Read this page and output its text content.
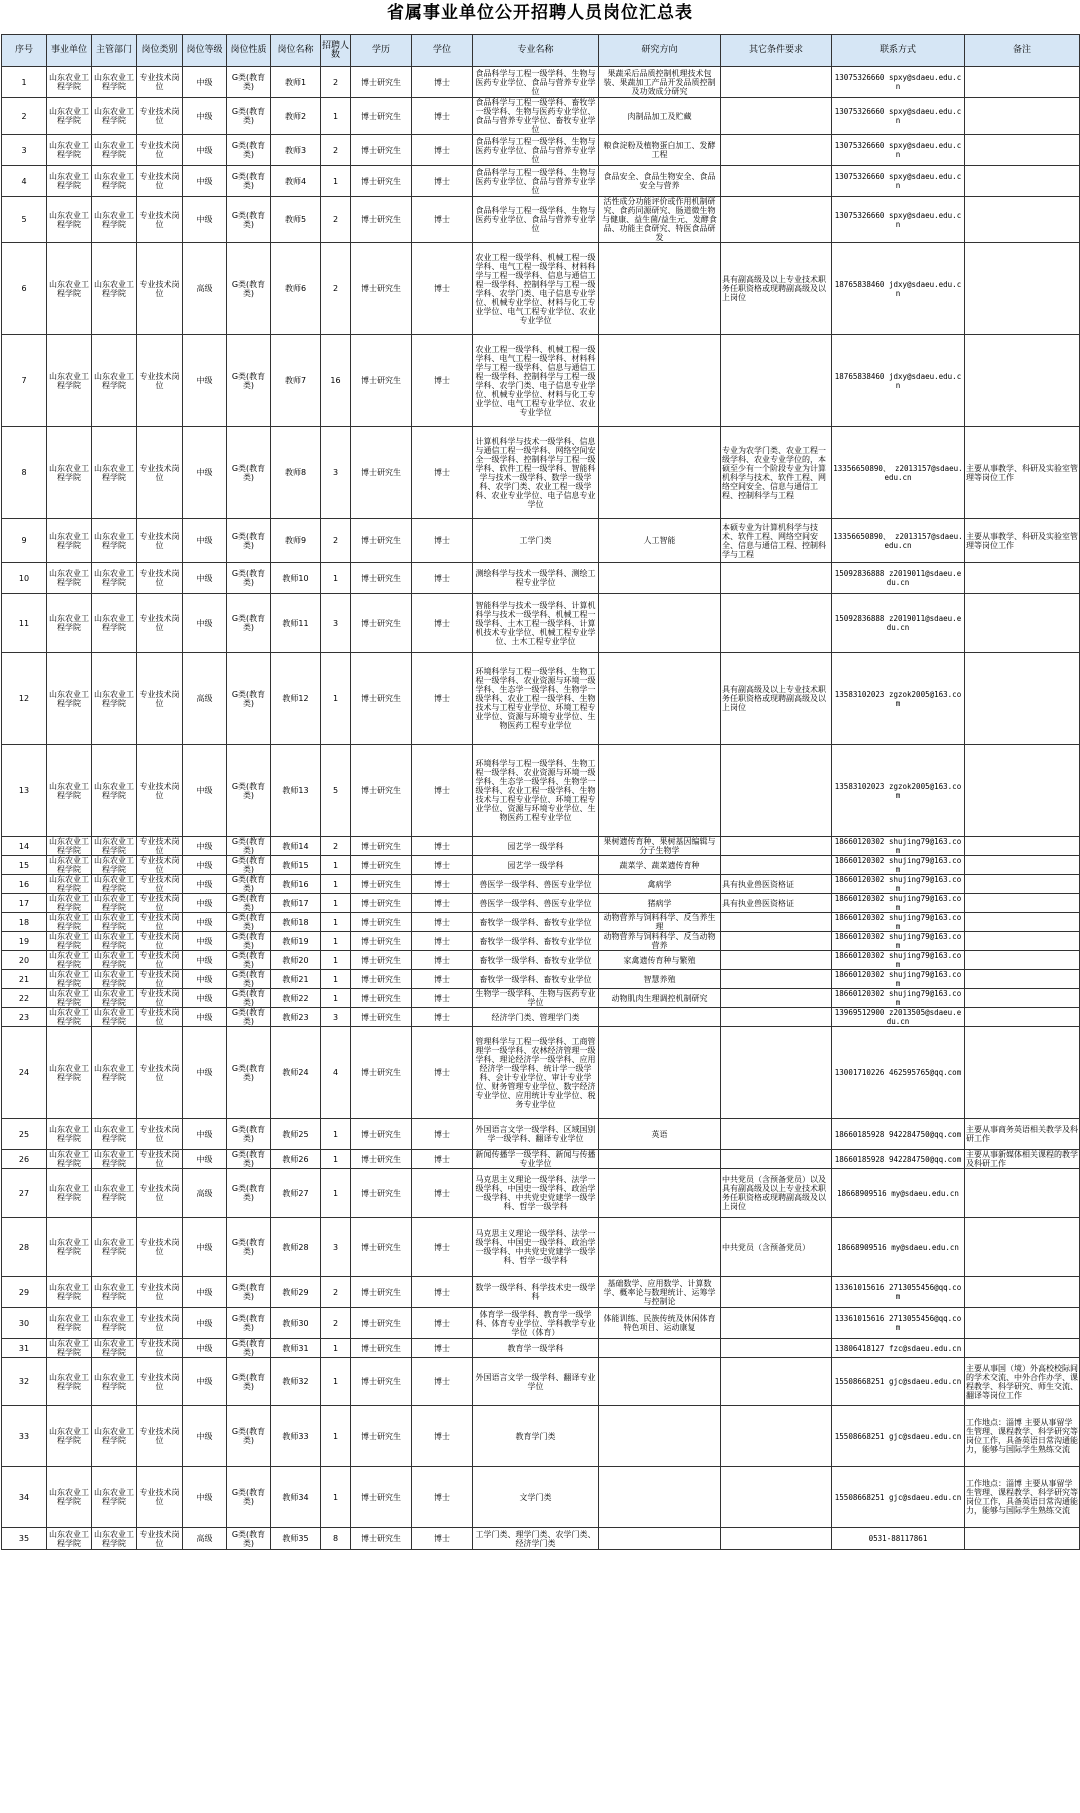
省属事业单位公开招聘人员岗位汇总表
序号	事业单位	主管部门	岗位类别	岗位等级	岗位性质	岗位名称	招聘人数	学历	学位	专业名称	研究方向	其它条件要求	联系方式	备注
1	山东农业工程学院	山东农业工程学院	专业技术岗位	中级	G类(教育类)	教师1	2	博士研究生	博士	食品科学与工程一级学科、生物与医药专业学位、食品与营养专业学位	果蔬采后品质控制机理技术包装、果蔬加工产品开发品质控制及功效成分研究		13075326660 spxy@sdaeu.edu.cn	
2	山东农业工程学院	山东农业工程学院	专业技术岗位	中级	G类(教育类)	教师2	1	博士研究生	博士	食品科学与工程一级学科、畜牧学一级学科、生物与医药专业学位、食品与营养专业学位、畜牧专业学位	肉制品加工及贮藏		13075326660 spxy@sdaeu.edu.cn	
3	山东农业工程学院	山东农业工程学院	专业技术岗位	中级	G类(教育类)	教师3	2	博士研究生	博士	食品科学与工程一级学科、生物与医药专业学位、食品与营养专业学位	粮食淀粉及植物蛋白加工、发酵工程		13075326660 spxy@sdaeu.edu.cn	
4	山东农业工程学院	山东农业工程学院	专业技术岗位	中级	G类(教育类)	教师4	1	博士研究生	博士	食品科学与工程一级学科、生物与医药专业学位、食品与营养专业学位	食品安全、食品生物安全、食品安全与营养		13075326660 spxy@sdaeu.edu.cn	
5	山东农业工程学院	山东农业工程学院	专业技术岗位	中级	G类(教育类)	教师5	2	博士研究生	博士	食品科学与工程一级学科、生物与医药专业学位、食品与营养专业学位	活性成分功能评价或作用机制研究、食药同源研究、肠道微生物与健康、益生菌/益生元、发酵食品、功能主食研究、特医食品研发		13075326660 spxy@sdaeu.edu.cn	
6	山东农业工程学院	山东农业工程学院	专业技术岗位	高级	G类(教育类)	教师6	2	博士研究生	博士	农业工程一级学科、机械工程一级学科、电气工程一级学科、材料科学与工程一级学科、信息与通信工程一级学科、控制科学与工程一级学科、农学门类、电子信息专业学位、机械专业学位、材料与化工专业学位、电气工程专业学位、农业专业学位		具有副高级及以上专业技术职务任职资格或现聘副高级及以上岗位	18765838460 jdxy@sdaeu.edu.cn	
7	山东农业工程学院	山东农业工程学院	专业技术岗位	中级	G类(教育类)	教师7	16	博士研究生	博士	农业工程一级学科、机械工程一级学科、电气工程一级学科、材料科学与工程一级学科、信息与通信工程一级学科、控制科学与工程一级学科、农学门类、电子信息专业学位、机械专业学位、材料与化工专业学位、电气工程专业学位、农业专业学位			18765838460 jdxy@sdaeu.edu.cn	
8	山东农业工程学院	山东农业工程学院	专业技术岗位	中级	G类(教育类)	教师8	3	博士研究生	博士	计算机科学与技术一级学科、信息与通信工程一级学科、网络空间安全一级学科、控制科学与工程一级学科、软件工程一级学科、智能科学与技术一级学科、数学一级学科、农学门类、农业工程一级学科、农业专业学位、电子信息专业学位		专业为农学门类、农业工程一级学科、农业专业学位的，本硕至少有一个阶段专业为计算机科学与技术、软件工程、网络空间安全、信息与通信工程、控制科学与工程	13356650890、 z2013157@sdaeu.edu.cn	主要从事教学、科研及实验室管理等岗位工作
9	山东农业工程学院	山东农业工程学院	专业技术岗位	中级	G类(教育类)	教师9	2	博士研究生	博士	工学门类	人工智能	本硕专业为计算机科学与技术、软件工程、网络空间安全、信息与通信工程、控制科学与工程	13356650890、 z2013157@sdaeu.edu.cn	主要从事教学、科研及实验室管理等岗位工作
10	山东农业工程学院	山东农业工程学院	专业技术岗位	中级	G类(教育类)	教师10	1	博士研究生	博士	测绘科学与技术一级学科、测绘工程专业学位			15092836888 z2019011@sdaeu.edu.cn	
11	山东农业工程学院	山东农业工程学院	专业技术岗位	中级	G类(教育类)	教师11	3	博士研究生	博士	智能科学与技术一级学科、计算机科学与技术一级学科、机械工程一级学科、土木工程一级学科、计算机技术专业学位、机械工程专业学位、土木工程专业学位			15092836888 z2019011@sdaeu.edu.cn	
12	山东农业工程学院	山东农业工程学院	专业技术岗位	高级	G类(教育类)	教师12	1	博士研究生	博士	环境科学与工程一级学科、生物工程一级学科、农业资源与环境一级学科、生态学一级学科、生物学一级学科、农业工程一级学科、生物技术与工程专业学位、环境工程专业学位、资源与环境专业学位、生物医药工程专业学位		具有副高级及以上专业技术职务任职资格或现聘副高级及以上岗位	13583102023 zgzok2005@163.com	
13	山东农业工程学院	山东农业工程学院	专业技术岗位	中级	G类(教育类)	教师13	5	博士研究生	博士	环境科学与工程一级学科、生物工程一级学科、农业资源与环境一级学科、生态学一级学科、生物学一级学科、农业工程一级学科、生物技术与工程专业学位、环境工程专业学位、资源与环境专业学位、生物医药工程专业学位			13583102023 zgzok2005@163.com	
14	山东农业工程学院	山东农业工程学院	专业技术岗位	中级	G类(教育类)	教师14	2	博士研究生	博士	园艺学一级学科	果树遗传育种、果树基因编辑与分子生物学		18660120302 shujing79@163.com	
15	山东农业工程学院	山东农业工程学院	专业技术岗位	中级	G类(教育类)	教师15	1	博士研究生	博士	园艺学一级学科	蔬菜学、蔬菜遗传育种		18660120302 shujing79@163.com	
16	山东农业工程学院	山东农业工程学院	专业技术岗位	中级	G类(教育类)	教师16	1	博士研究生	博士	兽医学一级学科、兽医专业学位	禽病学	具有执业兽医资格证	18660120302 shujing79@163.com	
17	山东农业工程学院	山东农业工程学院	专业技术岗位	中级	G类(教育类)	教师17	1	博士研究生	博士	兽医学一级学科、兽医专业学位	猪病学	具有执业兽医资格证	18660120302 shujing79@163.com	
18	山东农业工程学院	山东农业工程学院	专业技术岗位	中级	G类(教育类)	教师18	1	博士研究生	博士	畜牧学一级学科、畜牧专业学位	动物营养与饲料科学、反刍养生理		18660120302 shujing79@163.com	
19	山东农业工程学院	山东农业工程学院	专业技术岗位	中级	G类(教育类)	教师19	1	博士研究生	博士	畜牧学一级学科、畜牧专业学位	动物营养与饲料科学、反刍动物营养		18660120302 shujing79@163.com	
20	山东农业工程学院	山东农业工程学院	专业技术岗位	中级	G类(教育类)	教师20	1	博士研究生	博士	畜牧学一级学科、畜牧专业学位	家禽遗传育种与繁殖		18660120302 shujing79@163.com	
21	山东农业工程学院	山东农业工程学院	专业技术岗位	中级	G类(教育类)	教师21	1	博士研究生	博士	畜牧学一级学科、畜牧专业学位	智慧养殖		18660120302 shujing79@163.com	
22	山东农业工程学院	山东农业工程学院	专业技术岗位	中级	G类(教育类)	教师22	1	博士研究生	博士	生物学一级学科、生物与医药专业学位	动物肌肉生理调控机制研究		18660120302 shujing79@163.com	
23	山东农业工程学院	山东农业工程学院	专业技术岗位	中级	G类(教育类)	教师23	3	博士研究生	博士	经济学门类、管理学门类			13969512900 z2013505@sdaeu.edu.cn	
24	山东农业工程学院	山东农业工程学院	专业技术岗位	中级	G类(教育类)	教师24	4	博士研究生	博士	管理科学与工程一级学科、工商管理学一级学科、农林经济管理一级学科、理论经济学一级学科、应用经济学一级学科、统计学一级学科、会计专业学位、审计专业学位、财务管理专业学位、数字经济专业学位、应用统计专业学位、税务专业学位			13001710226 462595765@qq.com	
25	山东农业工程学院	山东农业工程学院	专业技术岗位	中级	G类(教育类)	教师25	1	博士研究生	博士	外国语言文学一级学科、区域国别学一级学科、翻译专业学位	英语		18660185928 942284750@qq.com	主要从事商务英语相关教学及科研工作
26	山东农业工程学院	山东农业工程学院	专业技术岗位	中级	G类(教育类)	教师26	1	博士研究生	博士	新闻传播学一级学科、新闻与传播专业学位			18660185928 942284750@qq.com	主要从事新媒体相关课程的教学及科研工作
27	山东农业工程学院	山东农业工程学院	专业技术岗位	高级	G类(教育类)	教师27	1	博士研究生	博士	马克思主义理论一级学科、法学一级学科、中国史一级学科、政治学一级学科、中共党史党建学一级学科、哲学一级学科		中共党员（含预备党员）以及具有副高级及以上专业技术职务任职资格或现聘副高级及以上岗位	18668909516 my@sdaeu.edu.cn	
28	山东农业工程学院	山东农业工程学院	专业技术岗位	中级	G类(教育类)	教师28	3	博士研究生	博士	马克思主义理论一级学科、法学一级学科、中国史一级学科、政治学一级学科、中共党史党建学一级学科、哲学一级学科		中共党员（含预备党员）	18668909516 my@sdaeu.edu.cn	
29	山东农业工程学院	山东农业工程学院	专业技术岗位	中级	G类(教育类)	教师29	2	博士研究生	博士	数学一级学科、科学技术史一级学科	基础数学、应用数学、计算数学、概率论与数理统计、运筹学与控制论		13361015616 2713055456@qq.com	
30	山东农业工程学院	山东农业工程学院	专业技术岗位	中级	G类(教育类)	教师30	2	博士研究生	博士	体育学一级学科、教育学一级学科、体育专业学位、学科教学专业学位（体育）	体能训练、民族传统及休闲体育特色项目、运动康复		13361015616 2713055456@qq.com	
31	山东农业工程学院	山东农业工程学院	专业技术岗位	中级	G类(教育类)	教师31	1	博士研究生	博士	教育学一级学科			13806418127 fzc@sdaeu.edu.cn	
32	山东农业工程学院	山东农业工程学院	专业技术岗位	中级	G类(教育类)	教师32	1	博士研究生	博士	外国语言文学一级学科、翻译专业学位			15508668251 gjc@sdaeu.edu.cn	主要从事国（境）外高校校际间的学术交流、中外合作办学、课程教学、科学研究、师生交流、翻译等岗位工作
33	山东农业工程学院	山东农业工程学院	专业技术岗位	中级	G类(教育类)	教师33	1	博士研究生	博士	教育学门类			15508668251 gjc@sdaeu.edu.cn	工作地点：淄博 主要从事留学生管理、课程教学、科学研究等岗位工作，具备英语日常沟通能力，能够与国际学生熟练交流
34	山东农业工程学院	山东农业工程学院	专业技术岗位	中级	G类(教育类)	教师34	1	博士研究生	博士	文学门类			15508668251 gjc@sdaeu.edu.cn	工作地点：淄博 主要从事留学生管理、课程教学、科学研究等岗位工作，具备英语日常沟通能力，能够与国际学生熟练交流
35	山东农业工程学院	山东农业工程学院	专业技术岗位	高级	G类(教育类)	教师35	8	博士研究生	博士	工学门类、理学门类、农学门类、经济学门类			0531-88117861	
